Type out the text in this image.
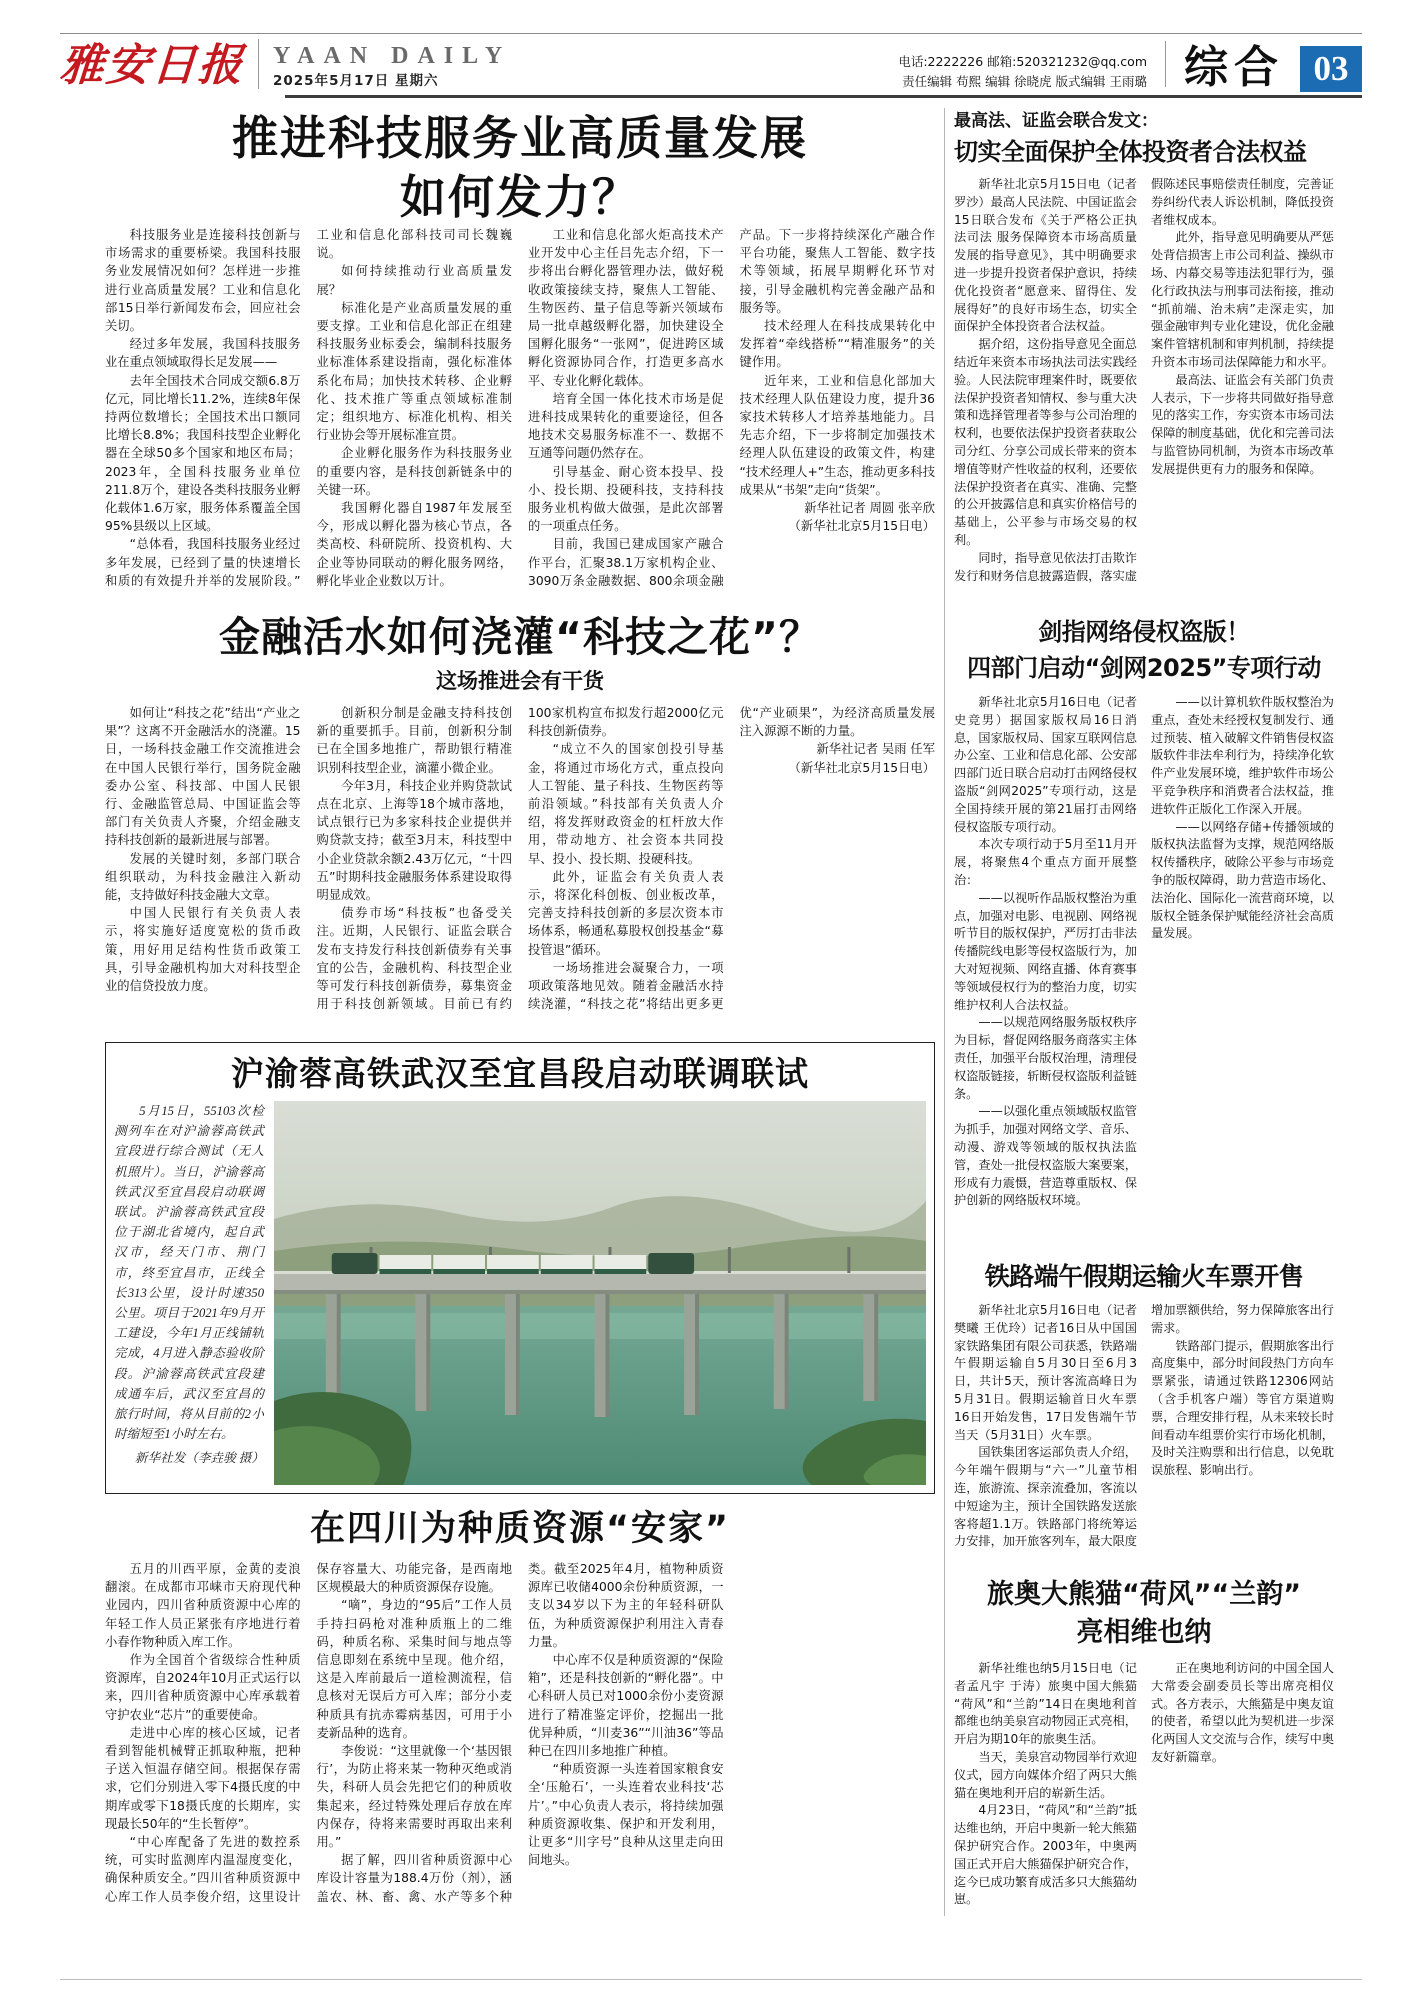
雅安日报 YAAN DAILY
2025年5月17日 星期六
电话:2222226 邮箱:520321232@qq.com
责任编辑 苟熙 编辑 徐晓虎 版式编辑 王雨璐 综合 03
推进科技服务业高质量发展
如何发力？

科技服务业是连接科技创新与市场需求的重要桥梁。我国科技服务业发展情况如何？怎样进一步推进行业高质量发展？工业和信息化部15日举行新闻发布会，回应社会关切。

经过多年发展，我国科技服务业在重点领域取得长足发展——

去年全国技术合同成交额6.8万亿元，同比增长11.2%，连续8年保持两位数增长；全国技术出口额同比增长8.8%；我国科技型企业孵化器在全球50多个国家和地区布局；2023年，全国科技服务业单位211.8万个，建设各类科技服务业孵化载体1.6万家，服务体系覆盖全国95%县级以上区域。

“总体看，我国科技服务业经过多年发展，已经到了量的快速增长和质的有效提升并举的发展阶段。”工业和信息化部科技司司长魏巍说。

如何持续推动行业高质量发展？

标准化是产业高质量发展的重要支撑。工业和信息化部正在组建科技服务业标委会，编制科技服务业标准体系建设指南，强化标准体系化布局；加快技术转移、企业孵化、技术推广等重点领域标准制定；组织地方、标准化机构、相关行业协会等开展标准宣贯。

企业孵化服务作为科技服务业的重要内容，是科技创新链条中的关键一环。

我国孵化器自1987年发展至今，形成以孵化器为核心节点，各类高校、科研院所、投资机构、大企业等协同联动的孵化服务网络，孵化毕业企业数以万计。

工业和信息化部火炬高技术产业开发中心主任吕先志介绍，下一步将出台孵化器管理办法，做好税收政策接续支持，聚焦人工智能、生物医药、量子信息等新兴领域布局一批卓越级孵化器，加快建设全国孵化服务“一张网”，促进跨区域孵化资源协同合作，打造更多高水平、专业化孵化载体。

培育全国一体化技术市场是促进科技成果转化的重要途径，但各地技术交易服务标准不一、数据不互通等问题仍然存在。

引导基金、耐心资本投早、投小、投长期、投硬科技，支持科技服务业机构做大做强，是此次部署的一项重点任务。

目前，我国已建成国家产融合作平台，汇聚38.1万家机构企业、3090万条金融数据、800余项金融产品。下一步将持续深化产融合作平台功能，聚焦人工智能、数字技术等领域，拓展早期孵化环节对接，引导金融机构完善金融产品和服务等。

技术经理人在科技成果转化中发挥着“牵线搭桥”“精准服务”的关键作用。

近年来，工业和信息化部加大技术经理人队伍建设力度，提升36家技术转移人才培养基地能力。吕先志介绍，下一步将制定加强技术经理人队伍建设的政策文件，构建“技术经理人+”生态，推动更多科技成果从“书架”走向“货架”。

新华社记者 周圆 张辛欣

（新华社北京5月15日电）

金融活水如何浇灌“科技之花”？
这场推进会有干货

如何让“科技之花”结出“产业之果”？这离不开金融活水的浇灌。15日，一场科技金融工作交流推进会在中国人民银行举行，国务院金融委办公室、科技部、中国人民银行、金融监管总局、中国证监会等部门有关负责人齐聚，介绍金融支持科技创新的最新进展与部署。

发展的关键时刻，多部门联合组织联动，为科技金融注入新动能，支持做好科技金融大文章。

中国人民银行有关负责人表示，将实施好适度宽松的货币政策，用好用足结构性货币政策工具，引导金融机构加大对科技型企业的信贷投放力度。

创新积分制是金融支持科技创新的重要抓手。目前，创新积分制已在全国多地推广，帮助银行精准识别科技型企业，滴灌小微企业。

今年3月，科技企业并购贷款试点在北京、上海等18个城市落地，试点银行已为多家科技企业提供并购贷款支持；截至3月末，科技型中小企业贷款余额2.43万亿元，“十四五”时期科技金融服务体系建设取得明显成效。

债券市场“科技板”也备受关注。近期，人民银行、证监会联合发布支持发行科技创新债券有关事宜的公告，金融机构、科技型企业等可发行科技创新债券，募集资金用于科技创新领域。目前已有约100家机构宣布拟发行超2000亿元科技创新债券。

“成立不久的国家创投引导基金，将通过市场化方式，重点投向人工智能、量子科技、生物医药等前沿领域。”科技部有关负责人介绍，将发挥财政资金的杠杆放大作用，带动地方、社会资本共同投早、投小、投长期、投硬科技。

此外，证监会有关负责人表示，将深化科创板、创业板改革，完善支持科技创新的多层次资本市场体系，畅通私募股权创投基金“募投管退”循环。

一场场推进会凝聚合力，一项项政策落地见效。随着金融活水持续浇灌，“科技之花”将结出更多更优“产业硕果”，为经济高质量发展注入源源不断的力量。

新华社记者 吴雨 任军

（新华社北京5月15日电）

沪渝蓉高铁武汉至宜昌段启动联调联试

5月15日，55103次检测列车在对沪渝蓉高铁武宜段进行综合测试（无人机照片）。当日，沪渝蓉高铁武汉至宜昌段启动联调联试。沪渝蓉高铁武宜段位于湖北省境内，起自武汉市，经天门市、荆门市，终至宜昌市，正线全长313公里，设计时速350公里。项目于2021年9月开工建设，今年1月正线铺轨完成，4月进入静态验收阶段。沪渝蓉高铁武宜段建成通车后，武汉至宜昌的旅行时间，将从目前的2小时缩短至1小时左右。

新华社发（李垚骏 摄）

在四川为种质资源“安家”

五月的川西平原，金黄的麦浪翻滚。在成都市邛崃市天府现代种业园内，四川省种质资源中心库的年轻工作人员正紧张有序地进行着小春作物种质入库工作。

作为全国首个省级综合性种质资源库，自2024年10月正式运行以来，四川省种质资源中心库承载着守护农业“芯片”的重要使命。

走进中心库的核心区域，记者看到智能机械臂正抓取种瓶，把种子送入恒温存储空间。根据保存需求，它们分别进入零下4摄氏度的中期库或零下18摄氏度的长期库，实现最长50年的“生长暂停”。

“中心库配备了先进的数控系统，可实时监测库内温湿度变化，确保种质安全。”四川省种质资源中心库工作人员李俊介绍，这里设计保存容量大、功能完备，是西南地区规模最大的种质资源保存设施。

“嘀”，身边的“95后”工作人员手持扫码枪对准种质瓶上的二维码，种质名称、采集时间与地点等信息即刻在系统中呈现。他介绍，这是入库前最后一道检测流程，信息核对无误后方可入库；部分小麦种质具有抗赤霉病基因，可用于小麦新品种的选育。

李俊说：“这里就像一个‘基因银行’，为防止将来某一物种灭绝或消失，科研人员会先把它们的种质收集起来，经过特殊处理后存放在库内保存，待将来需要时再取出来利用。”

据了解，四川省种质资源中心库设计容量为188.4万份（剂），涵盖农、林、畜、禽、水产等多个种类。截至2025年4月，植物种质资源库已收储4000余份种质资源，一支以34岁以下为主的年轻科研队伍，为种质资源保护利用注入青春力量。

中心库不仅是种质资源的“保险箱”，还是科技创新的“孵化器”。中心科研人员已对1000余份小麦资源进行了精准鉴定评价，挖掘出一批优异种质，“川麦36”“川油36”等品种已在四川多地推广种植。

“种质资源一头连着国家粮食安全‘压舱石’，一头连着农业科技‘芯片’。”中心负责人表示，将持续加强种质资源收集、保护和开发利用，让更多“川字号”良种从这里走向田间地头。

最高法、证监会联合发文：
切实全面保护全体投资者合法权益

新华社北京5月15日电（记者罗沙）最高人民法院、中国证监会15日联合发布《关于严格公正执法司法 服务保障资本市场高质量发展的指导意见》，其中明确要求进一步提升投资者保护意识，持续优化投资者“愿意来、留得住、发展得好”的良好市场生态，切实全面保护全体投资者合法权益。

据介绍，这份指导意见全面总结近年来资本市场执法司法实践经验。人民法院审理案件时，既要依法保护投资者知情权、参与重大决策和选择管理者等参与公司治理的权利，也要依法保护投资者获取公司分红、分享公司成长带来的资本增值等财产性收益的权利，还要依法保护投资者在真实、准确、完整的公开披露信息和真实价格信号的基础上，公平参与市场交易的权利。

同时，指导意见依法打击欺诈发行和财务信息披露造假，落实虚假陈述民事赔偿责任制度，完善证券纠纷代表人诉讼机制，降低投资者维权成本。

此外，指导意见明确要从严惩处背信损害上市公司利益、操纵市场、内幕交易等违法犯罪行为，强化行政执法与刑事司法衔接，推动“抓前端、治未病”走深走实，加强金融审判专业化建设，优化金融案件管辖机制和审判机制，持续提升资本市场司法保障能力和水平。

最高法、证监会有关部门负责人表示，下一步将共同做好指导意见的落实工作，夯实资本市场司法保障的制度基础，优化和完善司法与监管协同机制，为资本市场改革发展提供更有力的服务和保障。

剑指网络侵权盗版！
四部门启动“剑网2025”专项行动

新华社北京5月16日电（记者史竞男）据国家版权局16日消息，国家版权局、国家互联网信息办公室、工业和信息化部、公安部四部门近日联合启动打击网络侵权盗版“剑网2025”专项行动，这是全国持续开展的第21届打击网络侵权盗版专项行动。

本次专项行动于5月至11月开展，将聚焦4个重点方面开展整治：

——以视听作品版权整治为重点，加强对电影、电视剧、网络视听节目的版权保护，严厉打击非法传播院线电影等侵权盗版行为，加大对短视频、网络直播、体育赛事等领域侵权行为的整治力度，切实维护权利人合法权益。

——以规范网络服务版权秩序为目标，督促网络服务商落实主体责任，加强平台版权治理，清理侵权盗版链接，斩断侵权盗版利益链条。

——以强化重点领域版权监管为抓手，加强对网络文学、音乐、动漫、游戏等领域的版权执法监管，查处一批侵权盗版大案要案，形成有力震慑，营造尊重版权、保护创新的网络版权环境。

——以计算机软件版权整治为重点，查处未经授权复制发行、通过预装、植入破解文件销售侵权盗版软件非法牟利行为，持续净化软件产业发展环境，维护软件市场公平竞争秩序和消费者合法权益，推进软件正版化工作深入开展。

——以网络存储+传播领域的版权执法监督为支撑，规范网络版权传播秩序，破除公平参与市场竞争的版权障碍，助力营造市场化、法治化、国际化一流营商环境，以版权全链条保护赋能经济社会高质量发展。

铁路端午假期运输火车票开售

新华社北京5月16日电（记者樊曦 王优玲）记者16日从中国国家铁路集团有限公司获悉，铁路端午假期运输自5月30日至6月3日，共计5天，预计客流高峰日为5月31日。假期运输首日火车票16日开始发售，17日发售端午节当天（5月31日）火车票。

国铁集团客运部负责人介绍，今年端午假期与“六一”儿童节相连，旅游流、探亲流叠加，客流以中短途为主，预计全国铁路发送旅客将超1.1万。铁路部门将统筹运力安排，加开旅客列车，最大限度增加票额供给，努力保障旅客出行需求。

铁路部门提示，假期旅客出行高度集中，部分时间段热门方向车票紧张，请通过铁路12306网站（含手机客户端）等官方渠道购票，合理安排行程，从未来较长时间看动车组票价实行市场化机制，及时关注购票和出行信息，以免耽误旅程、影响出行。

旅奥大熊猫“荷风”“兰韵”
亮相维也纳

新华社维也纳5月15日电（记者孟凡宇 于涛）旅奥中国大熊猫“荷风”和“兰韵”14日在奥地利首都维也纳美泉宫动物园正式亮相，开启为期10年的旅奥生活。

当天，美泉宫动物园举行欢迎仪式，园方向媒体介绍了两只大熊猫在奥地利开启的崭新生活。

4月23日，“荷风”和“兰韵”抵达维也纳，开启中奥新一轮大熊猫保护研究合作。2003年，中奥两国正式开启大熊猫保护研究合作，迄今已成功繁育成活多只大熊猫幼崽。

正在奥地利访问的中国全国人大常委会副委员长等出席亮相仪式。各方表示，大熊猫是中奥友谊的使者，希望以此为契机进一步深化两国人文交流与合作，续写中奥友好新篇章。
